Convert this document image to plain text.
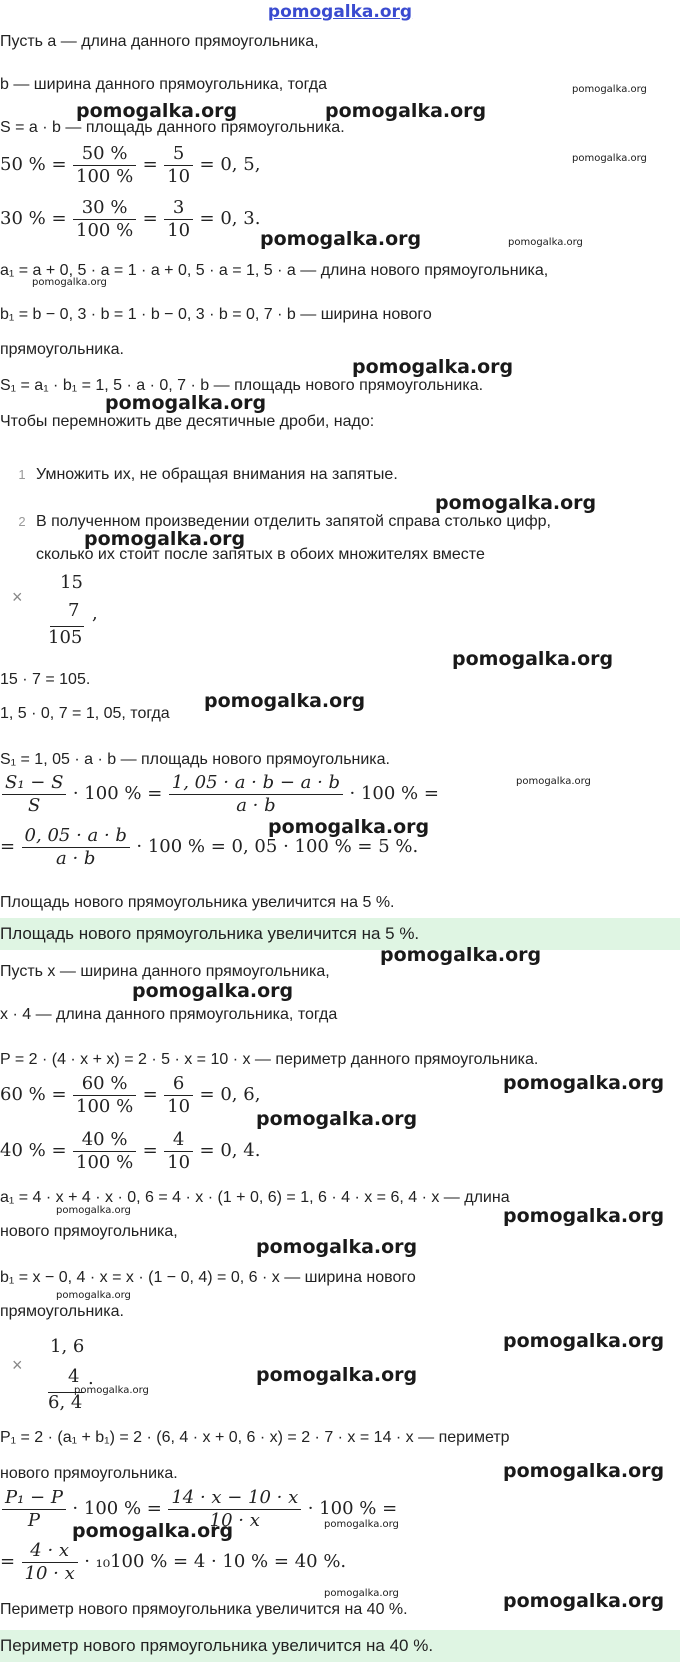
pomogalka.org
Пусть a — длина данного прямоугольника,
b — ширина данного прямоугольника, тогда
S = a · b — площадь данного прямоугольника.
50 % = $\frac{50 \%}{100 \%} = \frac{5}{10} = 0$, 5,
30 % = $\frac{30 \%}{100 \%} = \frac{3}{10} = 0$, 3.
a₁ = a + 0, 5 · a = 1 · a + 0, 5 · a = 1, 5 · a — длина нового прямоугольника,
b₁ = b − 0, 3 · b = 1 · b − 0, 3 · b = 0, 7 · b — ширина нового
прямоугольника.
S₁ = a₁ · b₁ = 1, 5 · a · 0, 7 · b — площадь нового прямоугольника.
Чтобы перемножить две десятичные дроби, надо:
1 Умножить их, не обращая внимания на запятые.
2 В полученном произведении отделить запятой справа столько цифр,
сколько их стоит после запятых в обоих множителях вместе
×
15
7 ,
105
15 · 7 = 105.
1, 5 · 0, 7 = 1, 05, тогда
S₁ = 1, 05 · a · b — площадь нового прямоугольника.
$\frac{\text{S₁ − S}}{S} \cdot 100$ % = $\frac{1, 05 \cdot a \cdot b - a \cdot b}{a \cdot b} \cdot 100$ % =
= $\frac{0, 05 \cdot a \cdot b}{a \cdot b} \cdot 100$ % = 0, 05 · 100 % = 5 %.
Площадь нового прямоугольника увеличится на 5 %.
Площадь нового прямоугольника увеличится на 5 %.
Пусть x — ширина данного прямоугольника,
x · 4 — длина данного прямоугольника, тогда
P = 2 · (4 · x + x) = 2 · 5 · x = 10 · x — периметр данного прямоугольника.
60 % = $\frac{60 \%}{100 \%} = \frac{6}{10} = 0$, 6,
40 % = $\frac{40 \%}{100 \%} = \frac{4}{10} = 0$, 4.
a₁ = 4 · x + 4 · x · 0, 6 = 4 · x · (1 + 0, 6) = 1, 6 · 4 · x = 6, 4 · x — длина
нового прямоугольника,
b₁ = x − 0, 4 · x = x · (1 − 0, 4) = 0, 6 · x — ширина нового
прямоугольника.
×
1, 6
4 .
6, 4
P₁ = 2 · (a₁ + b₁) = 2 · (6, 4 · x + 0, 6 · x) = 2 · 7 · x = 14 · x — периметр
нового прямоугольника.
$\frac{\text{P₁ − P}}{P} \cdot 100$ % = $\frac{14 \cdot x - 10 \cdot x}{10 \cdot x} \cdot 100$ % =
= $\frac{4 \cdot x}{10 \cdot x} \cdot _{10}100$ % = 4 · 10 % = 40 %.
Периметр нового прямоугольника увеличится на 40 %.
Периметр нового прямоугольника увеличится на 40 %.
pomogalka.org	pomogalka.org
pomogalka.org
pomogalka.org
pomogalka.org	pomogalka.org
pomogalka.org
pomogalka.org
pomogalka.org
pomogalka.org
pomogalka.org
pomogalka.org
pomogalka.org
pomogalka.org
pomogalka.org
pomogalka.org
pomogalka.org
pomogalka.org
pomogalka.org
pomogalka.org	pomogalka.org
pomogalka.org
pomogalka.org
pomogalka.org
pomogalka.org
pomogalka.org
pomogalka.org
pomogalka.org	pomogalka.org
pomogalka.org	pomogalka.org
